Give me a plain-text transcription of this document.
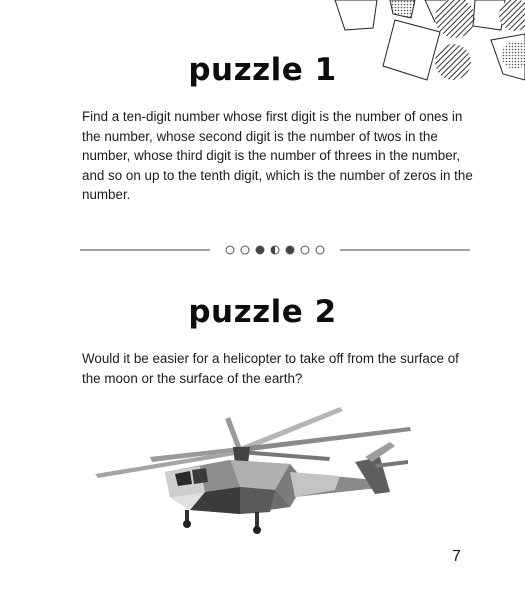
puzzle 1
Find a ten-digit number whose first digit is the number of ones in the number, whose second digit is the number of twos in the number, whose third digit is the number of threes in the number, and so on up to the tenth digit, which is the number of zeros in the number.
puzzle 2
Would it be easier for a helicopter to take off from the surface of the moon or the surface of the earth?
7
